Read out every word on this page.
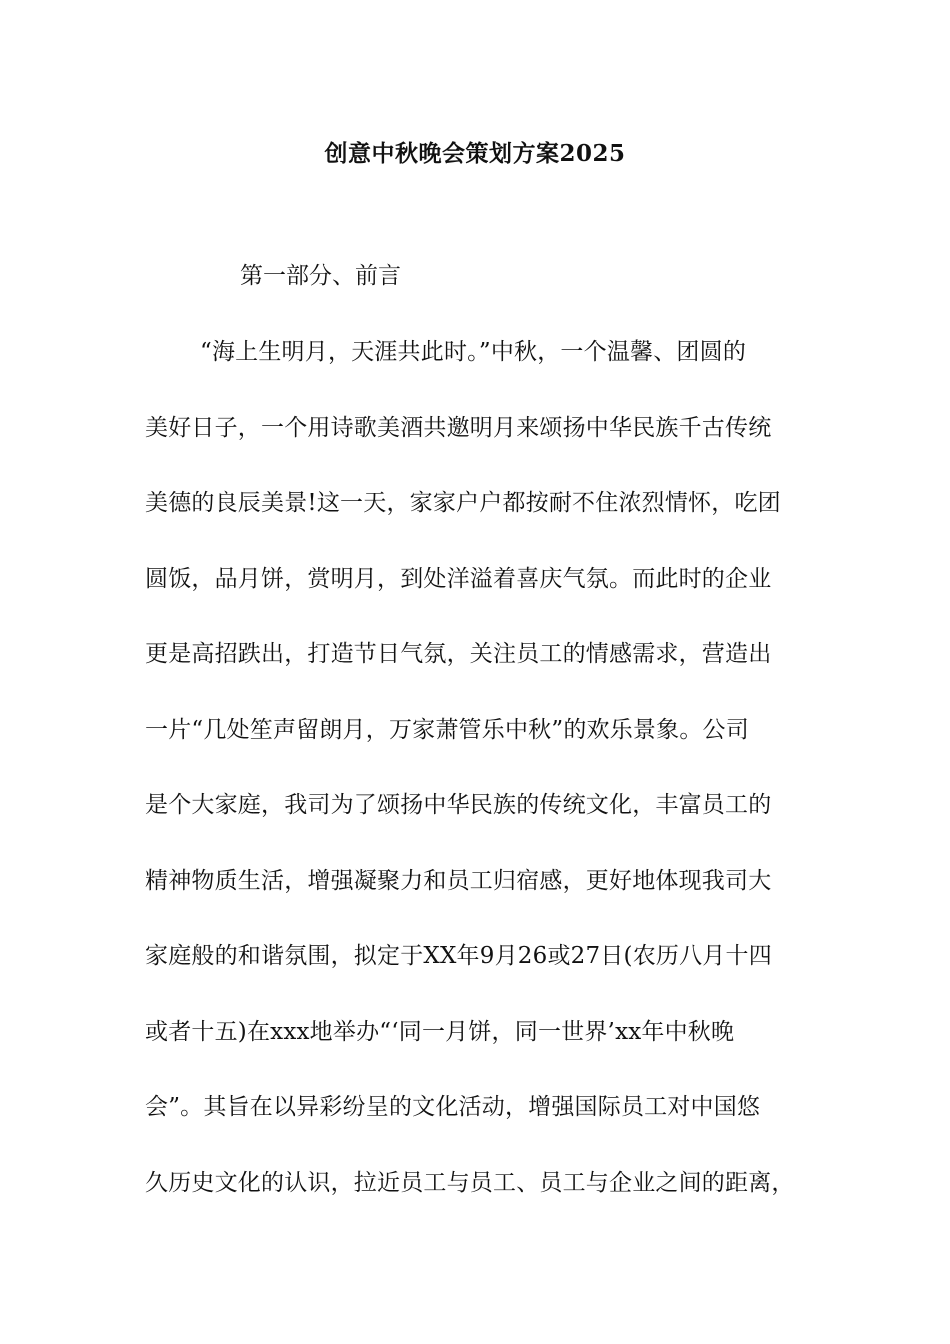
创意中秋晚会策划方案2025
第一部分、前言
“海上生明月，天涯共此时。”中秋，一个温馨、团圆的
美好日子，一个用诗歌美酒共邀明月来颂扬中华民族千古传统
美德的良辰美景!这一天，家家户户都按耐不住浓烈情怀，吃团
圆饭，品月饼，赏明月，到处洋溢着喜庆气氛。而此时的企业
更是高招跌出，打造节日气氛，关注员工的情感需求，营造出
一片“几处笙声留朗月，万家萧管乐中秋”的欢乐景象。公司
是个大家庭，我司为了颂扬中华民族的传统文化，丰富员工的
精神物质生活，增强凝聚力和员工归宿感，更好地体现我司大
家庭般的和谐氛围，拟定于XX年9月26或27日(农历八月十四
或者十五)在xxx地举办“‘同一月饼，同一世界’xx年中秋晚
会”。其旨在以异彩纷呈的文化活动，增强国际员工对中国悠
久历史文化的认识，拉近员工与员工、员工与企业之间的距离，
